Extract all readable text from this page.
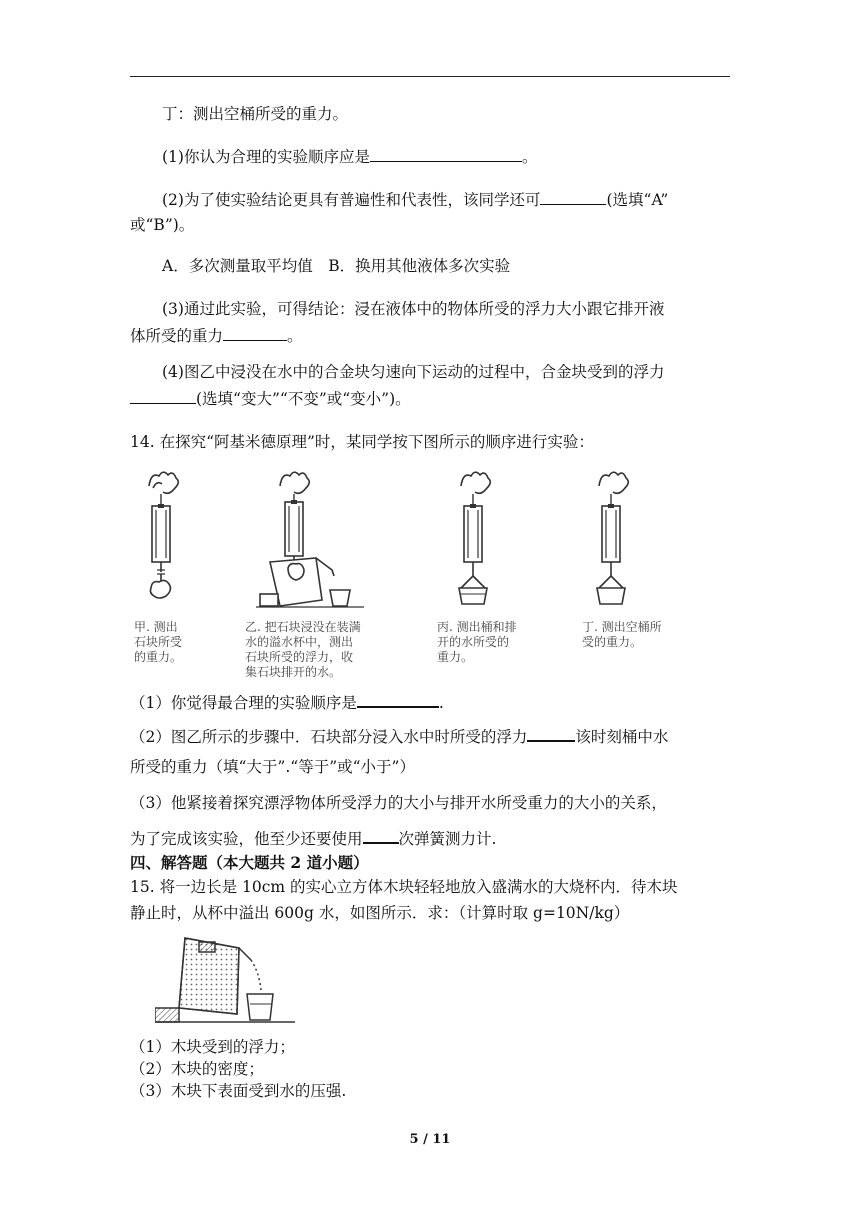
丁：测出空桶所受的重力。
(1)你认为合理的实验顺序应是	。
(2)为了使实验结论更具有普遍性和代表性，该同学还可	(选填“A”
或“B”)。
A．多次测量取平均值　B．换用其他液体多次实验
(3)通过此实验，可得结论：浸在液体中的物体所受的浮力大小跟它排开液
体所受的重力	。
(4)图乙中浸没在水中的合金块匀速向下运动的过程中，合金块受到的浮力
(选填“变大”“不变”或“变小”)。
14. 在探究“阿基米德原理”时，某同学按下图所示的顺序进行实验：
甲. 测出
石块所受
的重力。
乙. 把石块浸没在装满
水的溢水杯中，测出
石块所受的浮力，收
集石块排开的水。
丙. 测出桶和排
开的水所受的
重力。
丁. 测出空桶所
受的重力。
（1）你觉得最合理的实验顺序是	.
（2）图乙所示的步骤中．石块部分浸入水中时所受的浮力	该时刻桶中水
所受的重力（填“大于”.“等于”或“小于”）
（3）他紧接着探究漂浮物体所受浮力的大小与排开水所受重力的大小的关系，
为了完成该实验，他至少还要使用 次弹簧测力计.
四、解答题（本大题共 2 道小题）
15. 将一边长是 10cm 的实心立方体木块轻轻地放入盛满水的大烧杯内．待木块
静止时，从杯中溢出 600g 水，如图所示．求：（计算时取 g=10N/kg）
（1）木块受到的浮力；
（2）木块的密度；
（3）木块下表面受到水的压强.
5 / 11
